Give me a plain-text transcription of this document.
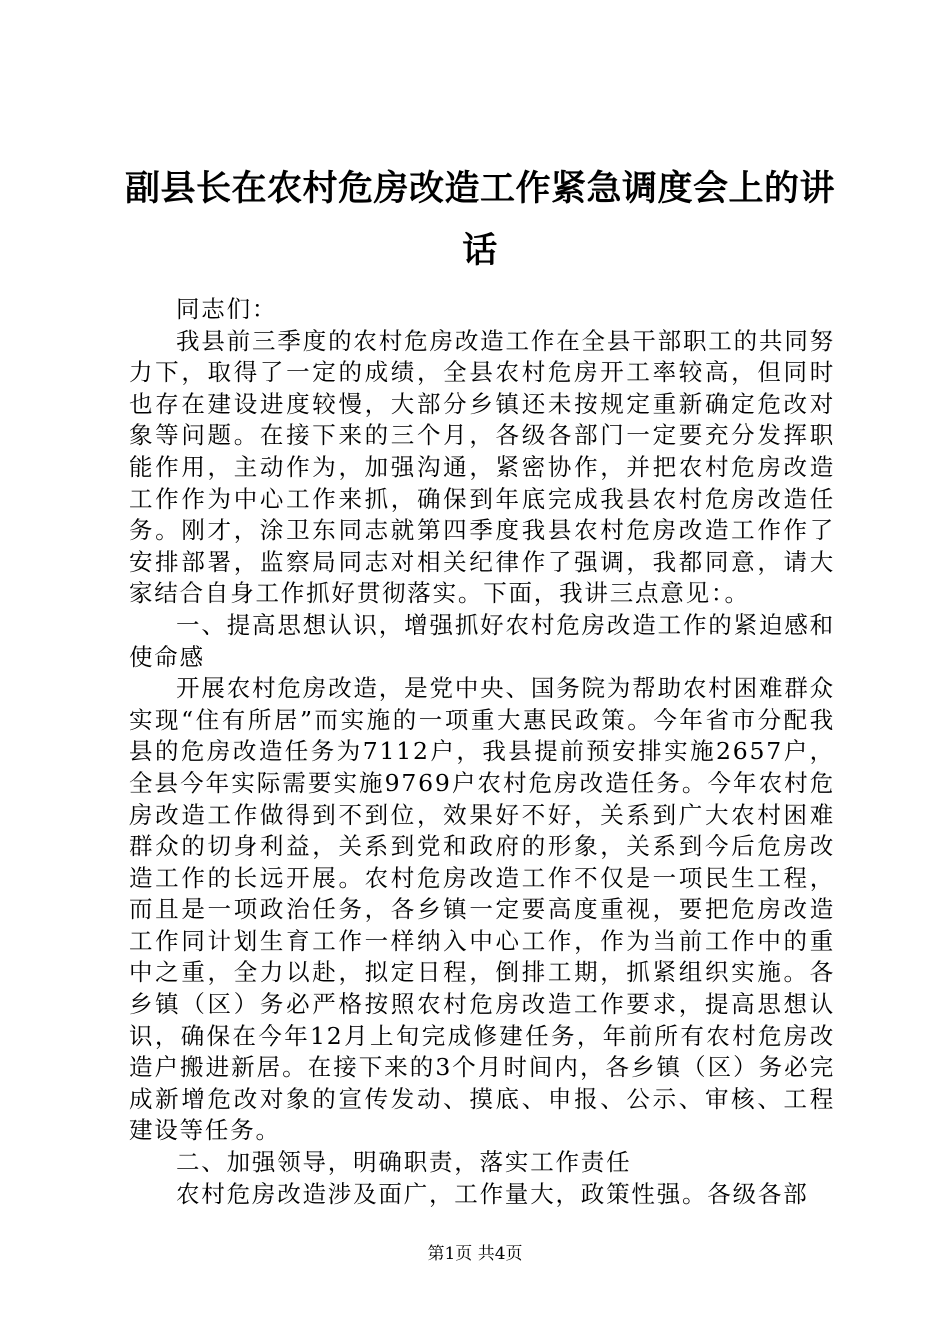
副县长在农村危房改造工作紧急调度会上的讲话

同志们：

我县前三季度的农村危房改造工作在全县干部职工的共同努力下，取得了一定的成绩，全县农村危房开工率较高，但同时也存在建设进度较慢，大部分乡镇还未按规定重新确定危改对象等问题。在接下来的三个月，各级各部门一定要充分发挥职能作用，主动作为，加强沟通，紧密协作，并把农村危房改造工作作为中心工作来抓，确保到年底完成我县农村危房改造任务。刚才，涂卫东同志就第四季度我县农村危房改造工作作了安排部署，监察局同志对相关纪律作了强调，我都同意，请大家结合自身工作抓好贯彻落实。下面，我讲三点意见：。

一、提高思想认识，增强抓好农村危房改造工作的紧迫感和使命感

开展农村危房改造，是党中央、国务院为帮助农村困难群众实现“住有所居”而实施的一项重大惠民政策。今年省市分配我县的危房改造任务为7112户，我县提前预安排实施2657户，全县今年实际需要实施9769户农村危房改造任务。今年农村危房改造工作做得到不到位，效果好不好，关系到广大农村困难群众的切身利益，关系到党和政府的形象，关系到今后危房改造工作的长远开展。农村危房改造工作不仅是一项民生工程，而且是一项政治任务，各乡镇一定要高度重视，要把危房改造工作同计划生育工作一样纳入中心工作，作为当前工作中的重中之重，全力以赴，拟定日程，倒排工期，抓紧组织实施。各乡镇（区）务必严格按照农村危房改造工作要求，提高思想认识，确保在今年12月上旬完成修建任务，年前所有农村危房改造户搬进新居。在接下来的3个月时间内，各乡镇（区）务必完成新增危改对象的宣传发动、摸底、申报、公示、审核、工程建设等任务。

二、加强领导，明确职责，落实工作责任

农村危房改造涉及面广，工作量大，政策性强。各级各部

第1页 共4页
